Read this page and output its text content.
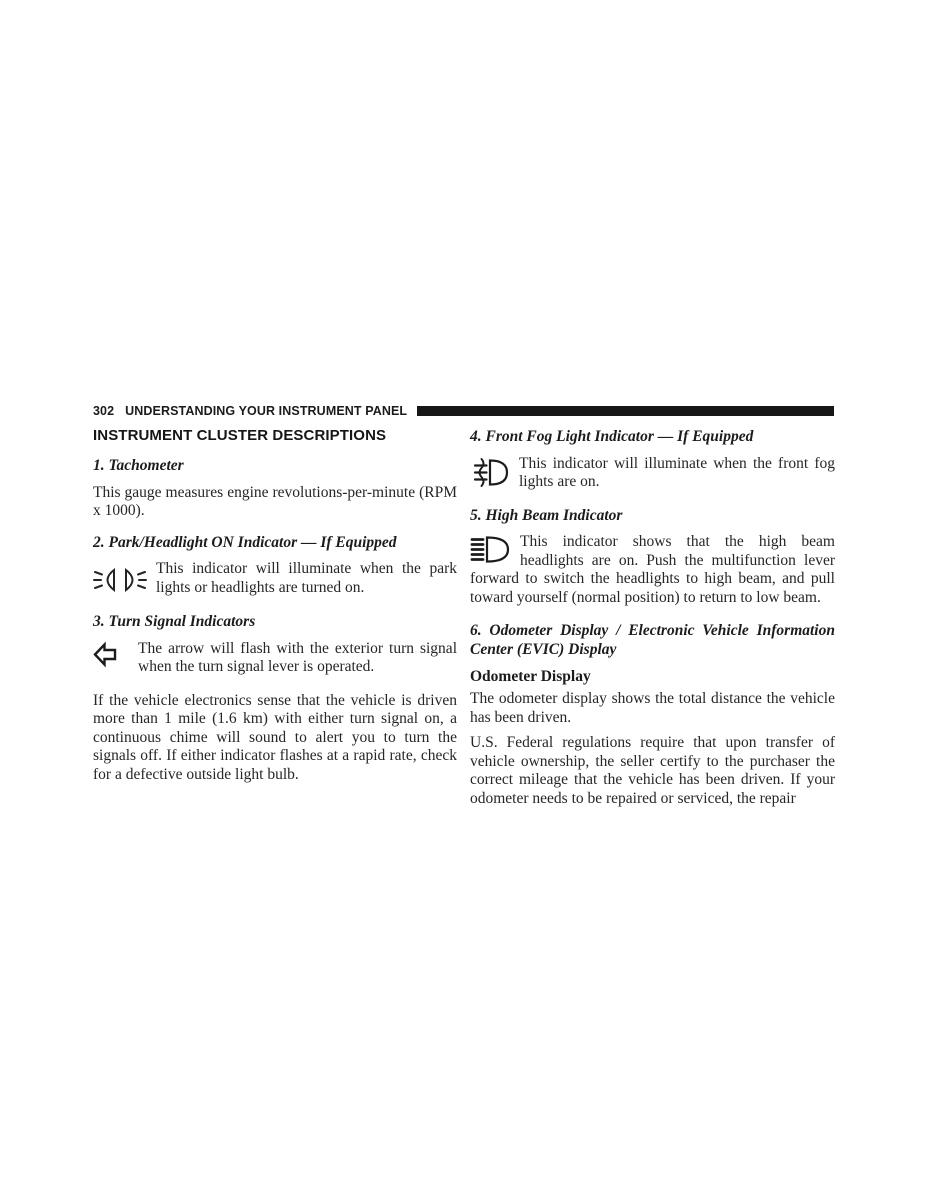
302 UNDERSTANDING YOUR INSTRUMENT PANEL
INSTRUMENT CLUSTER DESCRIPTIONS
1. Tachometer

This gauge measures engine revolutions-per-minute (RPM x 1000).

2. Park/Headlight ON Indicator — If Equipped

This indicator will illuminate when the park lights or headlights are turned on.

3. Turn Signal Indicators

The arrow will flash with the exterior turn signal when the turn signal lever is operated.

If the vehicle electronics sense that the vehicle is driven more than 1 mile (1.6 km) with either turn signal on, a continuous chime will sound to alert you to turn the signals off. If either indicator flashes at a rapid rate, check for a defective outside light bulb.

4. Front Fog Light Indicator — If Equipped

This indicator will illuminate when the front fog lights are on.

5. High Beam Indicator

This indicator shows that the high beam headlights are on. Push the multifunction lever forward to switch the headlights to high beam, and pull toward yourself (normal position) to return to low beam.

6. Odometer Display / Electronic Vehicle Information Center (EVIC) Display
Odometer Display

The odometer display shows the total distance the vehicle has been driven.

U.S. Federal regulations require that upon transfer of vehicle ownership, the seller certify to the purchaser the correct mileage that the vehicle has been driven. If your odometer needs to be repaired or serviced, the repair
